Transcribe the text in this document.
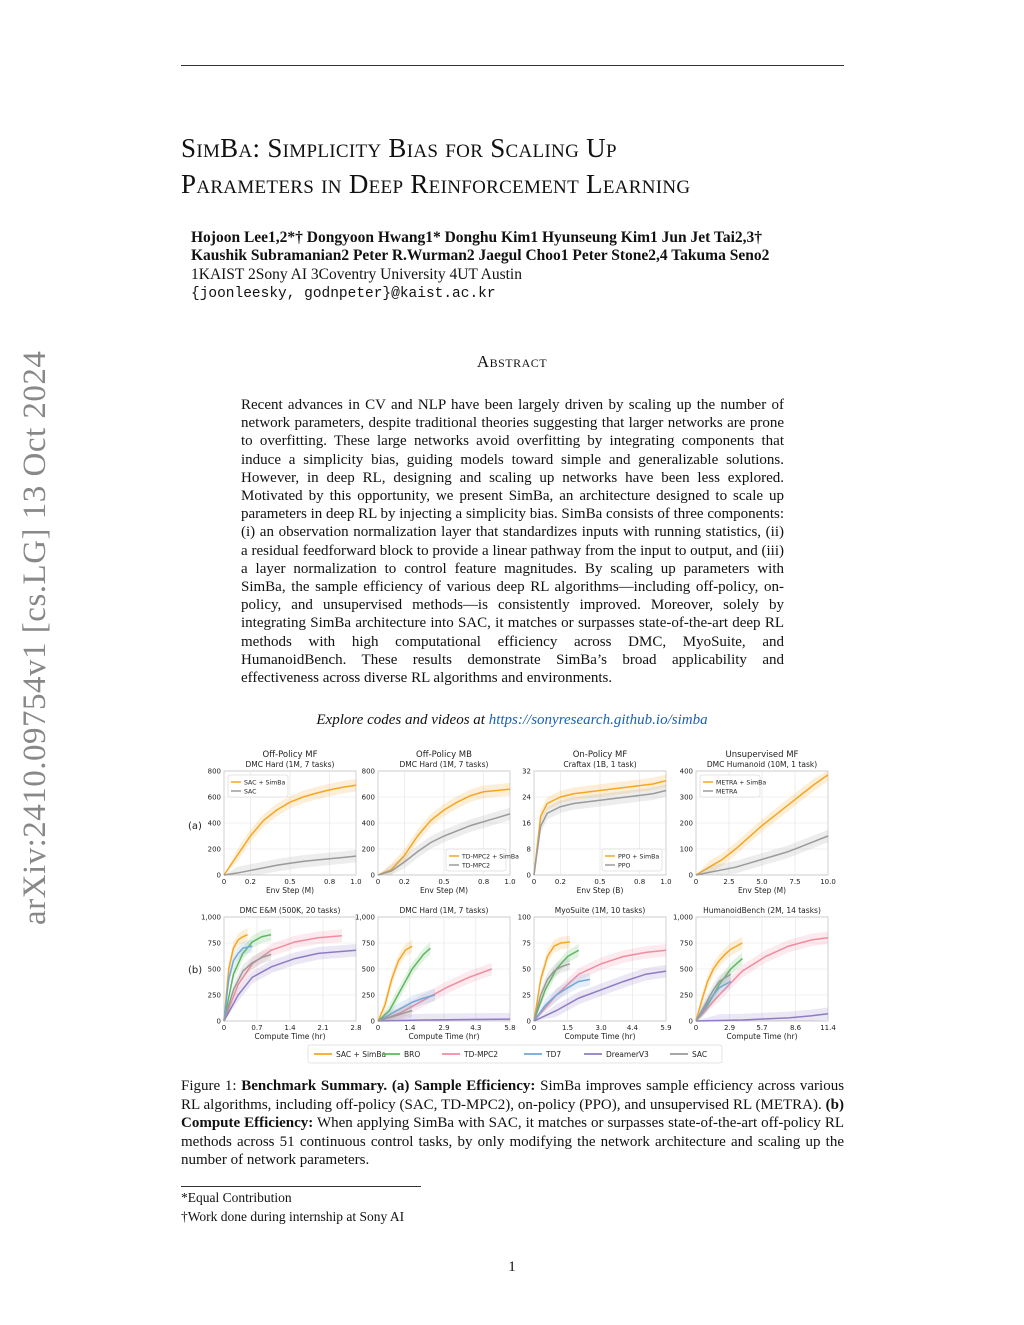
arXiv:2410.09754v1 [cs.LG] 13 Oct 2024
SimBa: Simplicity Bias for Scaling Up
Parameters in Deep Reinforcement Learning
Hojoon Lee1,2*† Dongyoon Hwang1* Donghu Kim1 Hyunseung Kim1 Jun Jet Tai2,3†
Kaushik Subramanian2 Peter R.Wurman2 Jaegul Choo1 Peter Stone2,4 Takuma Seno2
1KAIST 2Sony AI 3Coventry University 4UT Austin
{joonleesky, godnpeter}@kaist.ac.kr
Abstract
Recent advances in CV and NLP have been largely driven by scaling up the number of network parameters, despite traditional theories suggesting that larger networks are prone to overfitting. These large networks avoid overfitting by integrating components that induce a simplicity bias, guiding models toward simple and generalizable solutions. However, in deep RL, designing and scaling up networks have been less explored. Motivated by this opportunity, we present SimBa, an architecture designed to scale up parameters in deep RL by injecting a simplicity bias. SimBa consists of three components: (i) an observation normalization layer that standardizes inputs with running statistics, (ii) a residual feedforward block to provide a linear pathway from the input to output, and (iii) a layer normalization to control feature magnitudes. By scaling up parameters with SimBa, the sample efficiency of various deep RL algorithms—including off-policy, on-policy, and unsupervised methods—is consistently improved. Moreover, solely by integrating SimBa architecture into SAC, it matches or surpasses state-of-the-art deep RL methods with high computational efficiency across DMC, MyoSuite, and HumanoidBench. These results demonstrate SimBa’s broad applicability and effectiveness across diverse RL algorithms and environments.
Explore codes and videos at https://sonyresearch.github.io/simba
Off-Policy MF
DMC Hard (1M, 7 tasks)
0
200
400
600
800
0	0.2	0.5	0.8 1.0
Env Step (M)
SAC + SimBa
SAC
Off-Policy MB
DMC Hard (1M, 7 tasks)
0
200
400
600
800
0	0.2	0.5	0.8 1.0
Env Step (M)
TD-MPC2 + SimBa
TD-MPC2
On-Policy MF
Craftax (1B, 1 task)
0
8
16
24
32
0	0.2	0.5	0.8 1.0
Env Step (B)
PPO + SimBa
PPO
Unsupervised MF
DMC Humanoid (10M, 1 task)
0
100
200
300
400
0	2.5	5.0	7.5	10.0
Env Step (M)
METRA + SimBa
METRA
DMC E&M (500K, 20 tasks)
0
250
500
750
1,000
0	0.7	1.4	2.1	2.8
Compute Time (hr)
DMC Hard (1M, 7 tasks)
0
250
500
750
1,000
0	1.4	2.9	4.3	5.8
Compute Time (hr)
MyoSuite (1M, 10 tasks)
0
25
50
75
100
0	1.5	3.0	4.4	5.9
Compute Time (hr)
HumanoidBench (2M, 14 tasks)
0
250
500
750
1,000
0	2.9	5.7	8.6	11.4
Compute Time (hr)
(a)
(b)
SAC + SimBa BRO	TD-MPC2	TD7	DreamerV3	SAC
Figure 1: Benchmark Summary. (a) Sample Efficiency: SimBa improves sample efficiency across various RL algorithms, including off-policy (SAC, TD-MPC2), on-policy (PPO), and unsupervised RL (METRA). (b) Compute Efficiency: When applying SimBa with SAC, it matches or surpasses state-of-the-art off-policy RL methods across 51 continuous control tasks, by only modifying the network architecture and scaling up the number of network parameters.
*Equal Contribution
†Work done during internship at Sony AI
1
